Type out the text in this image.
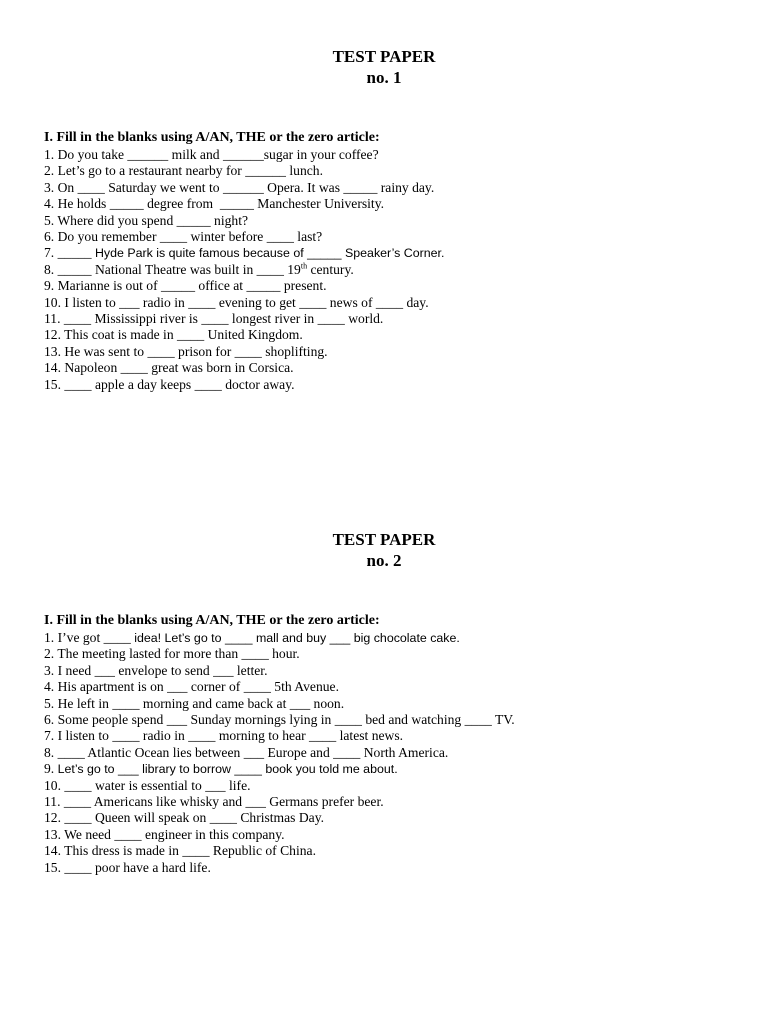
TEST PAPER
no. 1

I. Fill in the blanks using A/AN, THE or the zero article:

1. Do you take ______ milk and ______sugar in your coffee?
2. Let’s go to a restaurant nearby for ______ lunch.
3. On ____ Saturday we went to ______ Opera. It was _____ rainy day.
4. He holds _____ degree from  _____ Manchester University.
5. Where did you spend _____ night?
6. Do you remember ____ winter before ____ last?
7. _____ Hyde Park is quite famous because of _____ Speaker’s Corner.
8. _____ National Theatre was built in ____ 19th century.
9. Marianne is out of _____ office at _____ present.
10. I listen to ___ radio in ____ evening to get ____ news of ____ day.
11. ____ Mississippi river is ____ longest river in ____ world.
12. This coat is made in ____ United Kingdom.
13. He was sent to ____ prison for ____ shoplifting.
14. Napoleon ____ great was born in Corsica.
15. ____ apple a day keeps ____ doctor away.
TEST PAPER
no. 2

I. Fill in the blanks using A/AN, THE or the zero article:

1. I’ve got ____ idea! Let’s go to ____ mall and buy ___ big chocolate cake.
2. The meeting lasted for more than ____ hour.
3. I need ___ envelope to send ___ letter.
4. His apartment is on ___ corner of ____ 5th Avenue.
5. He left in ____ morning and came back at ___ noon.
6. Some people spend ___ Sunday mornings lying in ____ bed and watching ____ TV.
7. I listen to ____ radio in ____ morning to hear ____ latest news.
8. ____ Atlantic Ocean lies between ___ Europe and ____ North America.
9. Let’s go to ___ library to borrow ____ book you told me about.
10. ____ water is essential to ___ life.
11. ____ Americans like whisky and ___ Germans prefer beer.
12. ____ Queen will speak on ____ Christmas Day.
13. We need ____ engineer in this company.
14. This dress is made in ____ Republic of China.
15. ____ poor have a hard life.
